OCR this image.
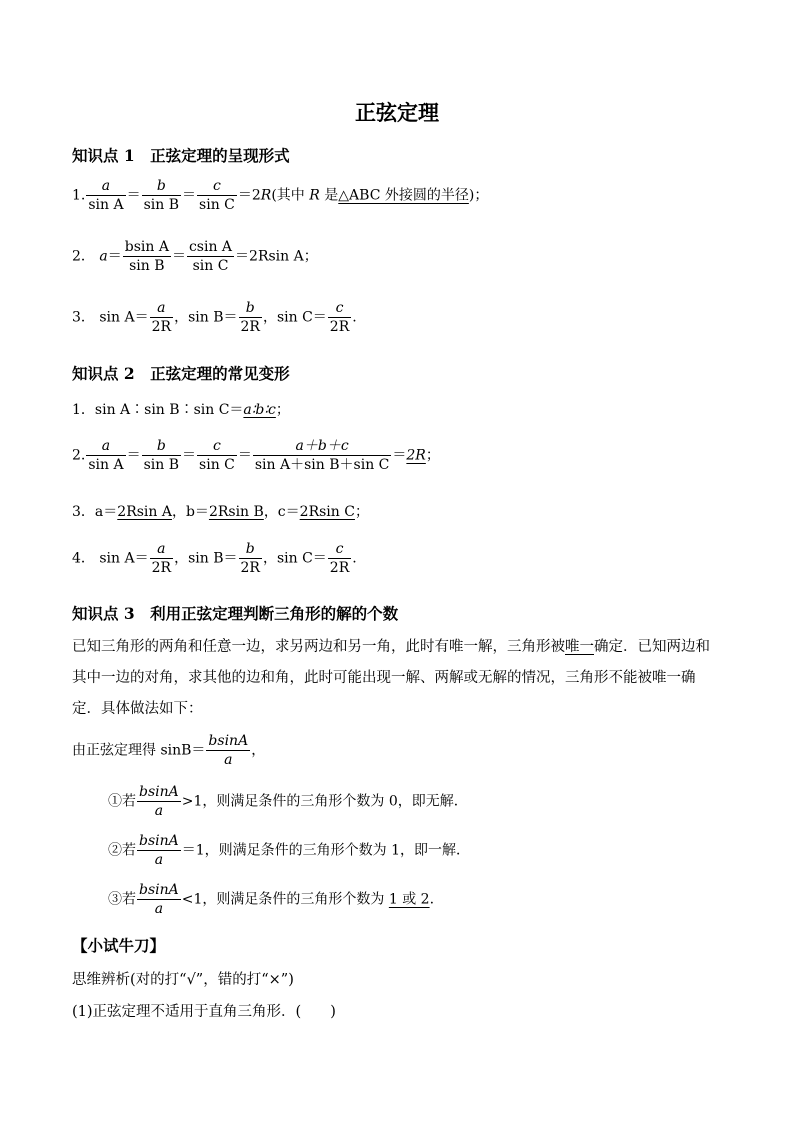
正弦定理
知识点 1　正弦定理的呈现形式
1. $\frac{a}{\text{sin A}} = \frac{b}{\text{sin B}} = \frac{c}{\text{sin C}} =2R$(其中 R 是△ABC 外接圆的半径)；
2． $a= \frac{\text{bsin A}}{\text{sin B}} = \frac{\text{csin A}}{\text{sin C}} =2Rsin$ A；
3． $\sin A= \frac{a}{2R}$ ，$\sin B= \frac{b}{2R}$ ，$\sin C= \frac{c}{2R}$ .
知识点 2　正弦定理的常见变形
1．sin A∶sin B∶sin C＝a∶b∶c；
2. $\frac{a}{\text{sin A}} = \frac{b}{\text{sin B}} = \frac{c}{\text{sin C}} = \frac{a+b+c}{\text{sin A＋sin B＋sin C}} =2R$；
3．a＝2Rsin A，b＝2Rsin B，c＝2Rsin C；
4． $\sin A= \frac{a}{2R}$ ，$\sin B= \frac{b}{2R}$ ，$\sin C= \frac{c}{2R}$ .
知识点 3　利用正弦定理判断三角形的解的个数
已知三角形的两角和任意一边，求另两边和另一角，此时有唯一解，三角形被唯一确定．已知两边和其中一边的对角，求其他的边和角，此时可能出现一解、两解或无解的情况，三角形不能被唯一确定．具体做法如下：
由正弦定理得 $\sin B= \frac{bsinA}{a}$ ，
①若 $\frac{bsinA}{a} >1$，则满足条件的三角形个数为 0，即无解．
②若 $\frac{bsinA}{a} =1$，则满足条件的三角形个数为 1，即一解．
③若 $\frac{bsinA}{a} <1$，则满足条件的三角形个数为 1 或 2.
【小试牛刀】
思维辨析(对的打“√”，错的打“×”)
(1)正弦定理不适用于直角三角形．(　　)
